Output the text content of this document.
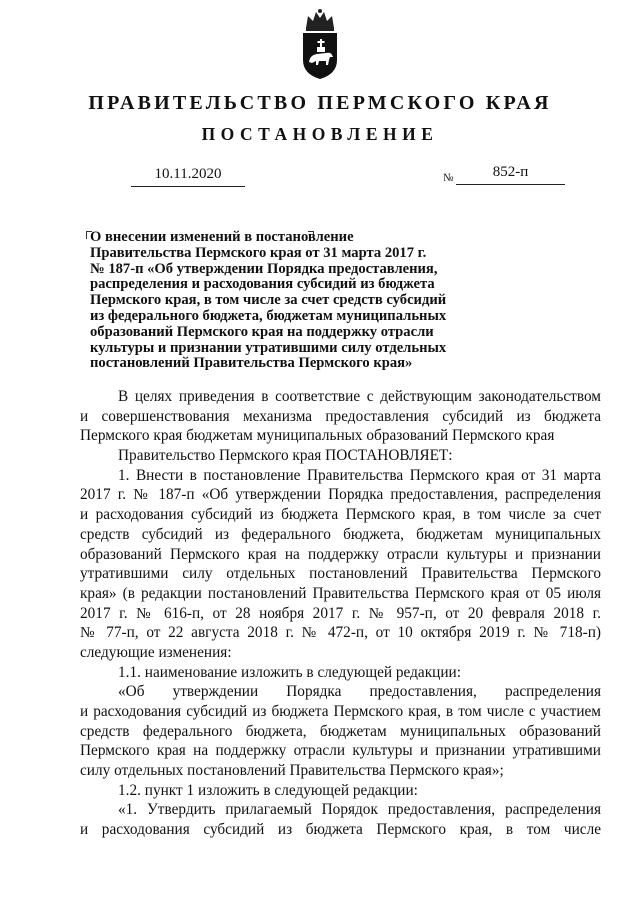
ПРАВИТЕЛЬСТВО ПЕРМСКОГО КРАЯ
ПОСТАНОВЛЕНИЕ
10.11.2020	№	852-п
О внесении изменений в постановление
Правительства Пермского края от 31 марта 2017 г.
№ 187-п «Об утверждении Порядка предоставления,
распределения и расходования субсидий из бюджета
Пермского края, в том числе за счет средств субсидий
из федерального бюджета, бюджетам муниципальных
образований Пермского края на поддержку отрасли
культуры и признании утратившими силу отдельных
постановлений Правительства Пермского края»
В целях приведения в соответствие с действующим законодательством
и совершенствования механизма предоставления субсидий из бюджета
Пермского края бюджетам муниципальных образований Пермского края
Правительство Пермского края ПОСТАНОВЛЯЕТ:
1. Внести в постановление Правительства Пермского края от 31 марта
2017 г. № 187-п «Об утверждении Порядка предоставления, распределения
и расходования субсидий из бюджета Пермского края, в том числе за счет
средств субсидий из федерального бюджета, бюджетам муниципальных
образований Пермского края на поддержку отрасли культуры и признании
утратившими силу отдельных постановлений Правительства Пермского
края» (в редакции постановлений Правительства Пермского края от 05 июля
2017 г. № 616-п, от 28 ноября 2017 г. № 957-п, от 20 февраля 2018 г.
№ 77-п, от 22 августа 2018 г. № 472-п, от 10 октября 2019 г. № 718-п)
следующие изменения:
1.1. наименование изложить в следующей редакции:
«Об утверждении Порядка предоставления, распределения
и расходования субсидий из бюджета Пермского края, в том числе с участием
средств федерального бюджета, бюджетам муниципальных образований
Пермского края на поддержку отрасли культуры и признании утратившими
силу отдельных постановлений Правительства Пермского края»;
1.2. пункт 1 изложить в следующей редакции:
«1. Утвердить прилагаемый Порядок предоставления, распределения
и расходования субсидий из бюджета Пермского края, в том числе
